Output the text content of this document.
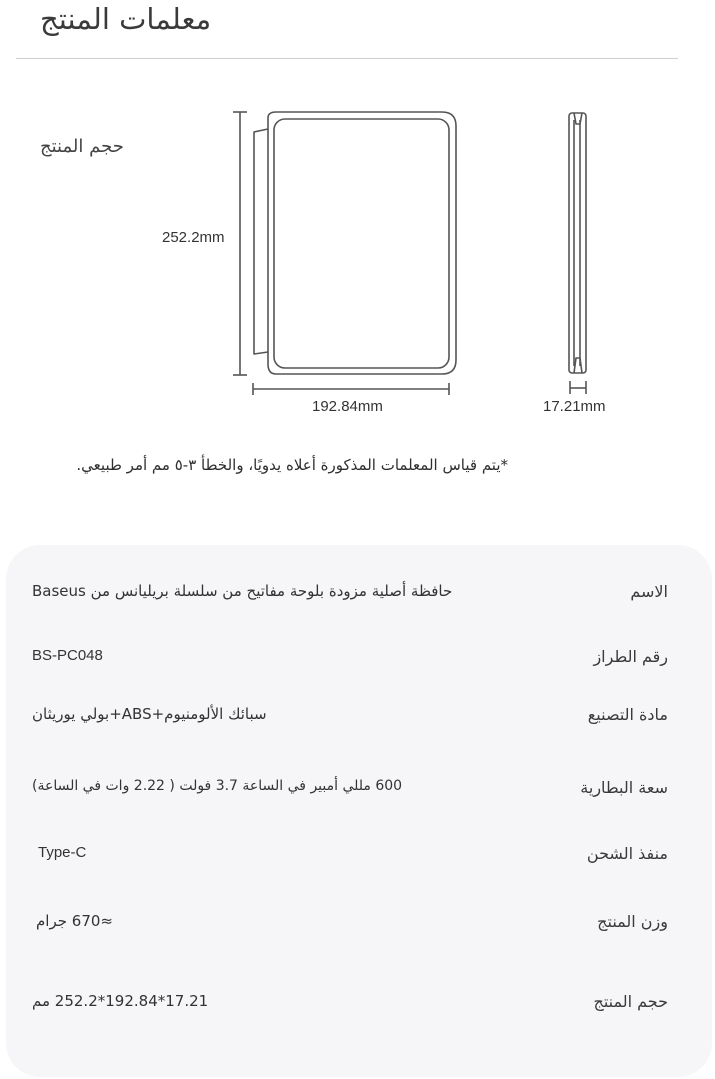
معلمات المنتج
حجم المنتج
252.2mm
192.84mm	17.21mm

*يتم قياس المعلمات المذكورة أعلاه يدويًا، والخطأ ٣-٥ مم أمر طبيعي.

الاسم
حافظة أصلية مزودة بلوحة مفاتيح من سلسلة بريليانس من Baseus
رقم الطراز
BS-PC048
مادة التصنيع
سبائك الألومنيوم+ABS+بولي يوريثان
سعة البطارية
600 مللي أمبير في الساعة 3.7 فولت ( 2.22 وات في الساعة)
منفذ الشحن
Type-C
وزن المنتج
≈670 جرام
حجم المنتج
17.21*192.84*252.2 مم
